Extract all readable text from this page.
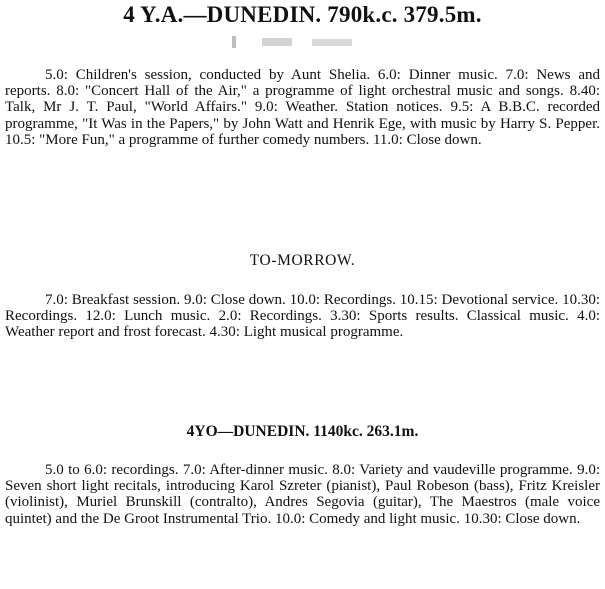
4 Y.A.—DUNEDIN. 790k.c. 379.5m.
5.0: Children's session, conducted by Aunt Shelia. 6.0: Dinner music. 7.0: News and reports. 8.0: "Concert Hall of the Air," a programme of light orchestral music and songs. 8.40: Talk, Mr J. T. Paul, "World Affairs." 9.0: Weather. Station notices. 9.5: A B.B.C. recorded programme, "It Was in the Papers," by John Watt and Henrik Ege, with music by Harry S. Pepper. 10.5: "More Fun," a programme of further comedy numbers. 11.0: Close down.
TO-MORROW.
7.0: Breakfast session. 9.0: Close down. 10.0: Recordings. 10.15: Devotional service. 10.30: Recordings. 12.0: Lunch music. 2.0: Recordings. 3.30: Sports results. Classical music. 4.0: Weather report and frost forecast. 4.30: Light musical programme.
4YO—DUNEDIN. 1140kc. 263.1m.
5.0 to 6.0: recordings. 7.0: After-dinner music. 8.0: Variety and vaudeville programme. 9.0: Seven short light recitals, introducing Karol Szreter (pianist), Paul Robeson (bass), Fritz Kreisler (violinist), Muriel Brunskill (contralto), Andres Segovia (guitar), The Maestros (male voice quintet) and the De Groot Instrumental Trio. 10.0: Comedy and light music. 10.30: Close down.
